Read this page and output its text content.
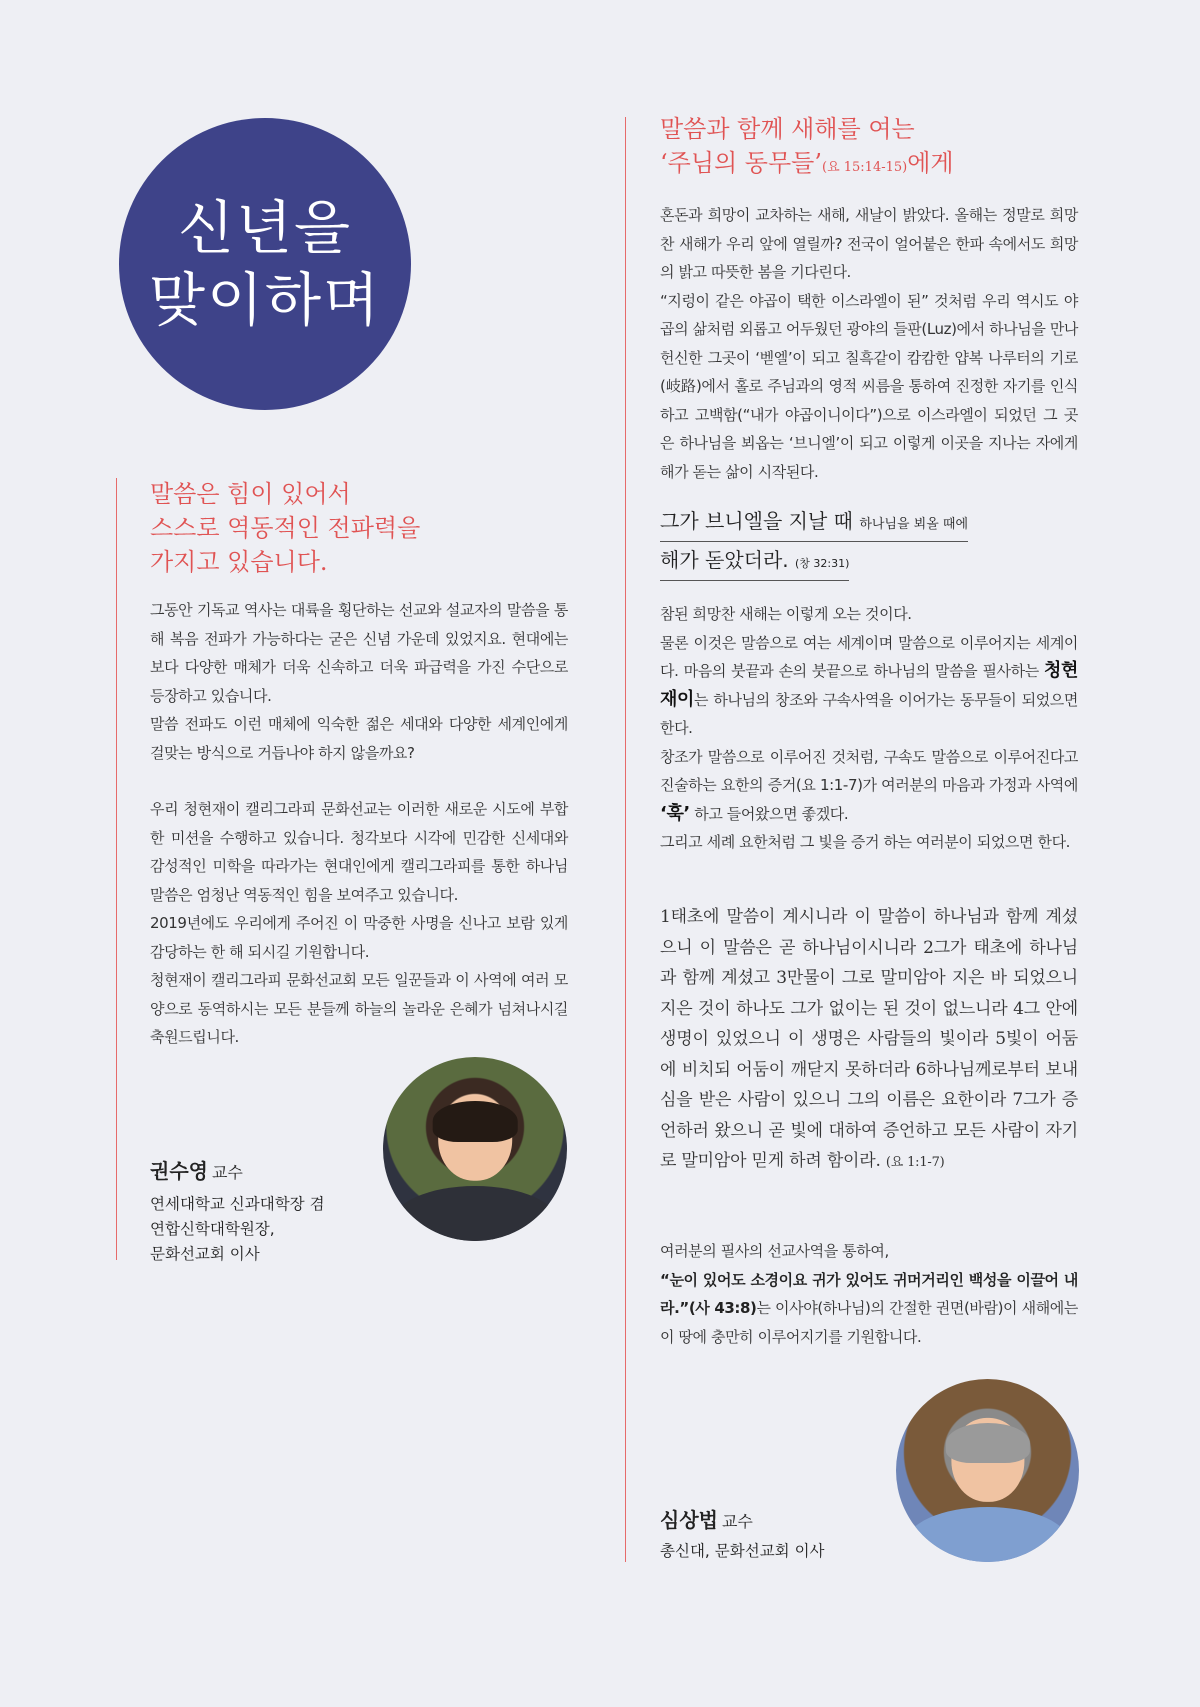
신년을
맞이하며
말씀은 힘이 있어서
스스로 역동적인 전파력을
가지고 있습니다.

그동안 기독교 역사는 대륙을 횡단하는 선교와 설교자의 말씀을 통해 복음 전파가 가능하다는 굳은 신념 가운데 있었지요. 현대에는 보다 다양한 매체가 더욱 신속하고 더욱 파급력을 가진 수단으로 등장하고 있습니다.

말씀 전파도 이런 매체에 익숙한 젊은 세대와 다양한 세계인에게 걸맞는 방식으로 거듭나야 하지 않을까요?

우리 청현재이 캘리그라피 문화선교는 이러한 새로운 시도에 부합한 미션을 수행하고 있습니다. 청각보다 시각에 민감한 신세대와 감성적인 미학을 따라가는 현대인에게 캘리그라피를 통한 하나님 말씀은 엄청난 역동적인 힘을 보여주고 있습니다.

2019년에도 우리에게 주어진 이 막중한 사명을 신나고 보람 있게 감당하는 한 해 되시길 기원합니다.

청현재이 캘리그라피 문화선교회 모든 일꾼들과 이 사역에 여러 모양으로 동역하시는 모든 분들께 하늘의 놀라운 은혜가 넘쳐나시길 축원드립니다.

권수영 교수
연세대학교 신과대학장 겸
연합신학대학원장,
문화선교회 이사
말씀과 함께 새해를 여는
‘주님의 동무들’(요 15:14-15)에게

혼돈과 희망이 교차하는 새해, 새날이 밝았다. 올해는 정말로 희망찬 새해가 우리 앞에 열릴까? 전국이 얼어붙은 한파 속에서도 희망의 밝고 따뜻한 봄을 기다린다.

“지렁이 같은 야곱이 택한 이스라엘이 된” 것처럼 우리 역시도 야곱의 삶처럼 외롭고 어두웠던 광야의 들판(Luz)에서 하나님을 만나 헌신한 그곳이 ‘벧엘’이 되고 칠흑같이 캄캄한 얍복 나루터의 기로(岐路)에서 홀로 주님과의 영적 씨름을 통하여 진정한 자기를 인식하고 고백함(“내가 야곱이니이다”)으로 이스라엘이 되었던 그 곳은 하나님을 뵈옵는 ‘브니엘’이 되고 이렇게 이곳을 지나는 자에게 해가 돋는 삶이 시작된다.

그가 브니엘을 지날 때 하나님을 뵈올 때에
해가 돋았더라. (창 32:31)

참된 희망찬 새해는 이렇게 오는 것이다.

물론 이것은 말씀으로 여는 세계이며 말씀으로 이루어지는 세계이다. 마음의 붓끝과 손의 붓끝으로 하나님의 말씀을 필사하는 청현재이는 하나님의 창조와 구속사역을 이어가는 동무들이 되었으면 한다.

창조가 말씀으로 이루어진 것처럼, 구속도 말씀으로 이루어진다고 진술하는 요한의 증거(요 1:1-7)가 여러분의 마음과 가정과 사역에 ‘훅’ 하고 들어왔으면 좋겠다.

그리고 세례 요한처럼 그 빛을 증거 하는 여러분이 되었으면 한다.

1태초에 말씀이 계시니라 이 말씀이 하나님과 함께 계셨으니 이 말씀은 곧 하나님이시니라 2그가 태초에 하나님과 함께 계셨고 3만물이 그로 말미암아 지은 바 되었으니 지은 것이 하나도 그가 없이는 된 것이 없느니라 4그 안에 생명이 있었으니 이 생명은 사람들의 빛이라 5빛이 어둠에 비치되 어둠이 깨닫지 못하더라 6하나님께로부터 보내심을 받은 사람이 있으니 그의 이름은 요한이라 7그가 증언하러 왔으니 곧 빛에 대하여 증언하고 모든 사람이 자기로 말미암아 믿게 하려 함이라. (요 1:1-7)

여러분의 필사의 선교사역을 통하여,

“눈이 있어도 소경이요 귀가 있어도 귀머거리인 백성을 이끌어 내라.”(사 43:8)는 이사야(하나님)의 간절한 권면(바람)이 새해에는 이 땅에 충만히 이루어지기를 기원합니다.

심상법 교수
총신대, 문화선교회 이사
